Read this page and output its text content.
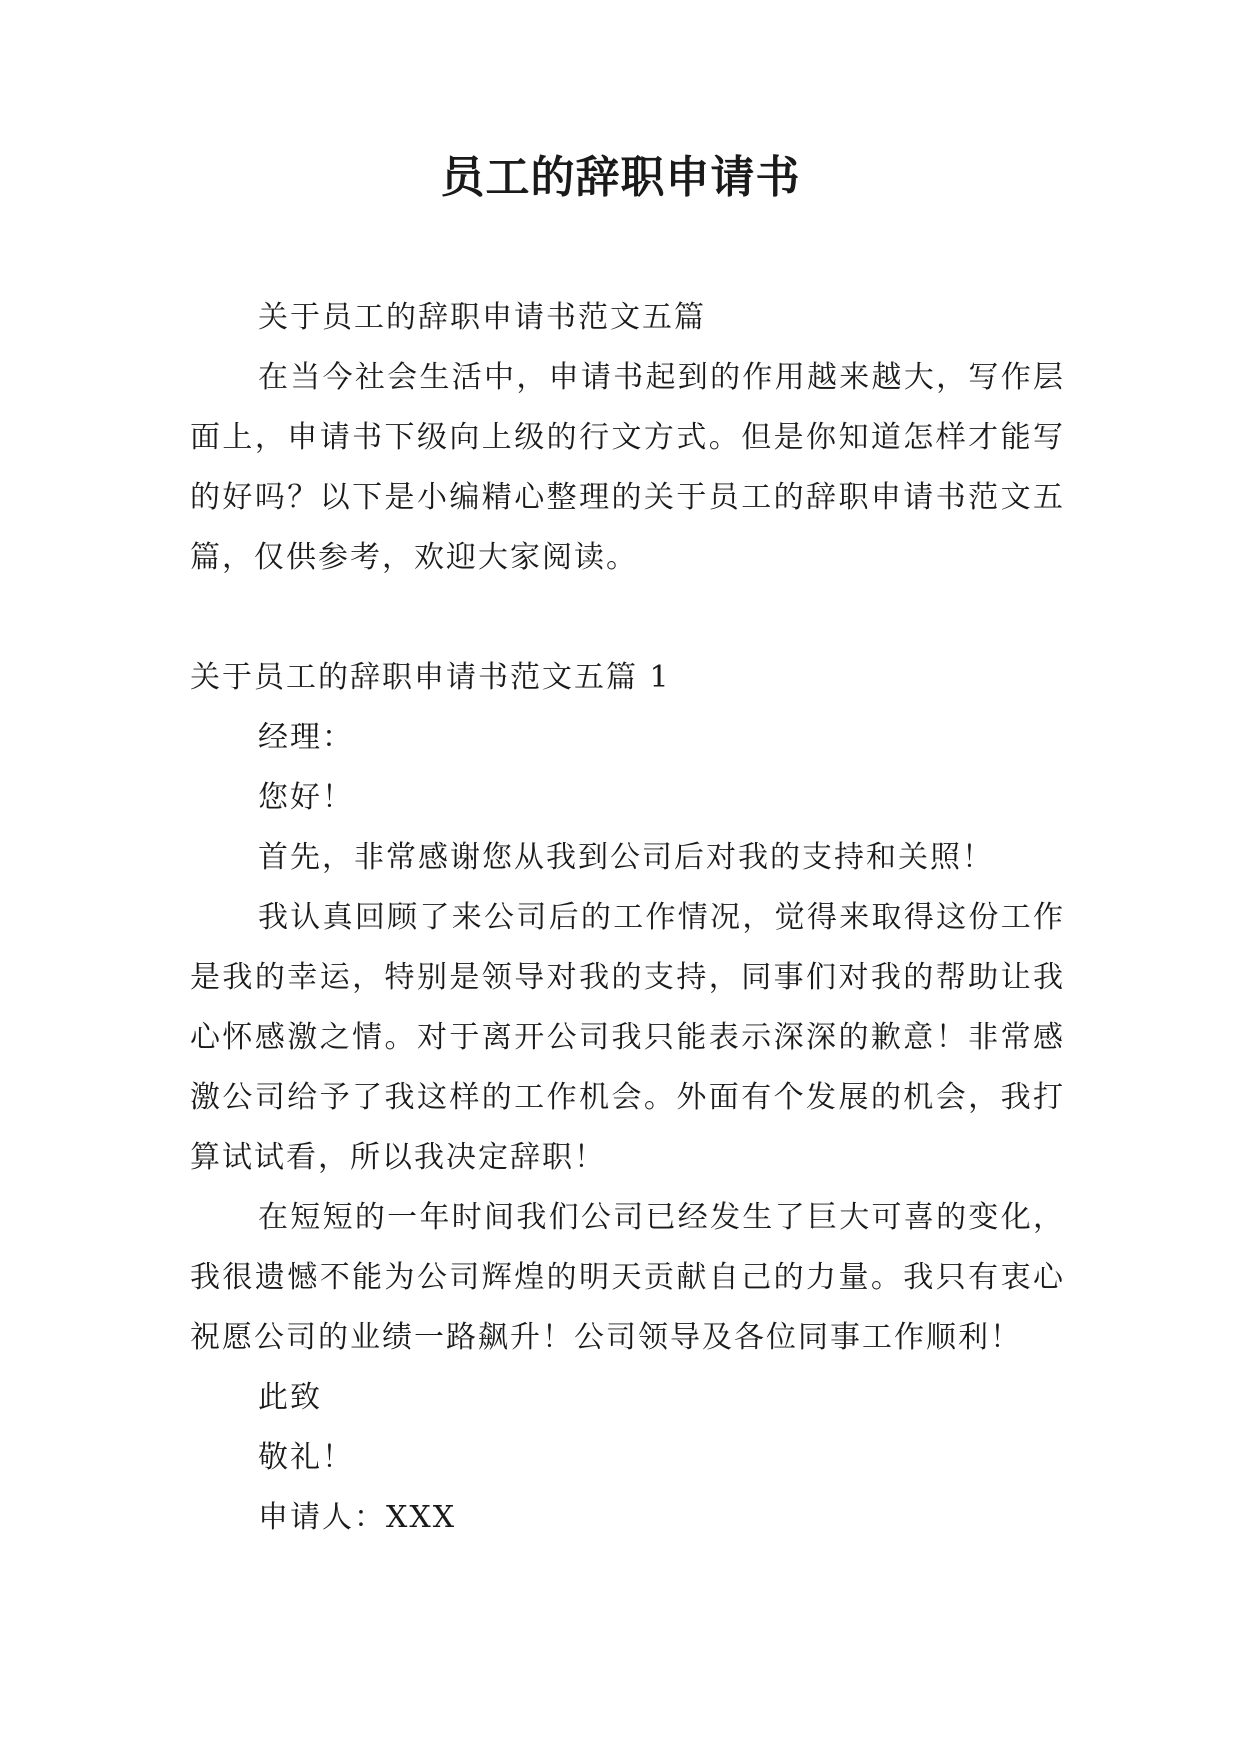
员工的辞职申请书

关于员工的辞职申请书范文五篇

在当今社会生活中，申请书起到的作用越来越大，写作层面上，申请书下级向上级的行文方式。但是你知道怎样才能写的好吗？以下是小编精心整理的关于员工的辞职申请书范文五篇，仅供参考，欢迎大家阅读。

关于员工的辞职申请书范文五篇 1

经理：

您好！

首先，非常感谢您从我到公司后对我的支持和关照！

我认真回顾了来公司后的工作情况，觉得来取得这份工作是我的幸运，特别是领导对我的支持，同事们对我的帮助让我心怀感激之情。对于离开公司我只能表示深深的歉意！非常感激公司给予了我这样的工作机会。外面有个发展的机会，我打算试试看，所以我决定辞职！

在短短的一年时间我们公司已经发生了巨大可喜的变化，我很遗憾不能为公司辉煌的明天贡献自己的力量。我只有衷心祝愿公司的业绩一路飙升！公司领导及各位同事工作顺利！

此致

敬礼！

申请人：XXX
